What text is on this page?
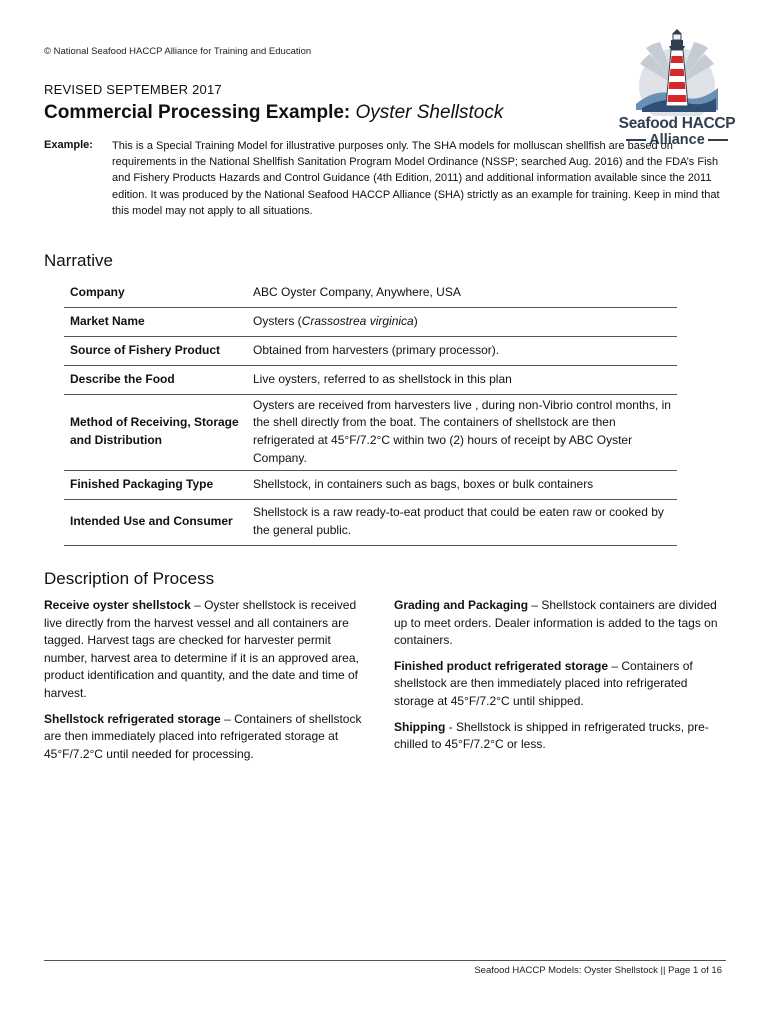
© National Seafood HACCP Alliance for Training and Education
Seafood HACCP
Alliance
REVISED SEPTEMBER 2017
Commercial Processing Example: Oyster Shellstock
Example: This is a Special Training Model for illustrative purposes only. The SHA models for molluscan shellfish are based on requirements in the National Shellfish Sanitation Program Model Ordinance (NSSP; searched Aug. 2016) and the FDA’s Fish and Fishery Products Hazards and Control Guidance (4th Edition, 2011) and additional information available since the 2011 edition. It was produced by the National Seafood HACCP Alliance (SHA) strictly as an example for training. Keep in mind that this model may not apply to all situations.
Narrative
Company	ABC Oyster Company, Anywhere, USA
Market Name	Oysters (Crassostrea virginica)
Source of Fishery Product	Obtained from harvesters (primary processor).
Describe the Food	Live oysters, referred to as shellstock in this plan
Method of Receiving, Storage and Distribution	Oysters are received from harvesters live , during non-Vibrio control months, in the shell directly from the boat. The containers of shellstock are then refrigerated at 45°F/7.2°C within two (2) hours of receipt by ABC Oyster Company.
Finished Packaging Type	Shellstock, in containers such as bags, boxes or bulk containers
Intended Use and Consumer	Shellstock is a raw ready-to-eat product that could be eaten raw or cooked by the general public.
Description of Process

Receive oyster shellstock – Oyster shellstock is received live directly from the harvest vessel and all containers are tagged. Harvest tags are checked for harvester permit number, harvest area to determine if it is an approved area, product identification and quantity, and the date and time of harvest.

Shellstock refrigerated storage – Containers of shellstock are then immediately placed into refrigerated storage at 45°F/7.2°C until needed for processing.

Grading and Packaging – Shellstock containers are divided up to meet orders. Dealer information is added to the tags on containers.

Finished product refrigerated storage – Containers of shellstock are then immediately placed into refrigerated storage at 45°F/7.2°C until shipped.

Shipping - Shellstock is shipped in refrigerated trucks, pre-chilled to 45°F/7.2°C or less.

Seafood HACCP Models: Oyster Shellstock || Page 1 of 16
